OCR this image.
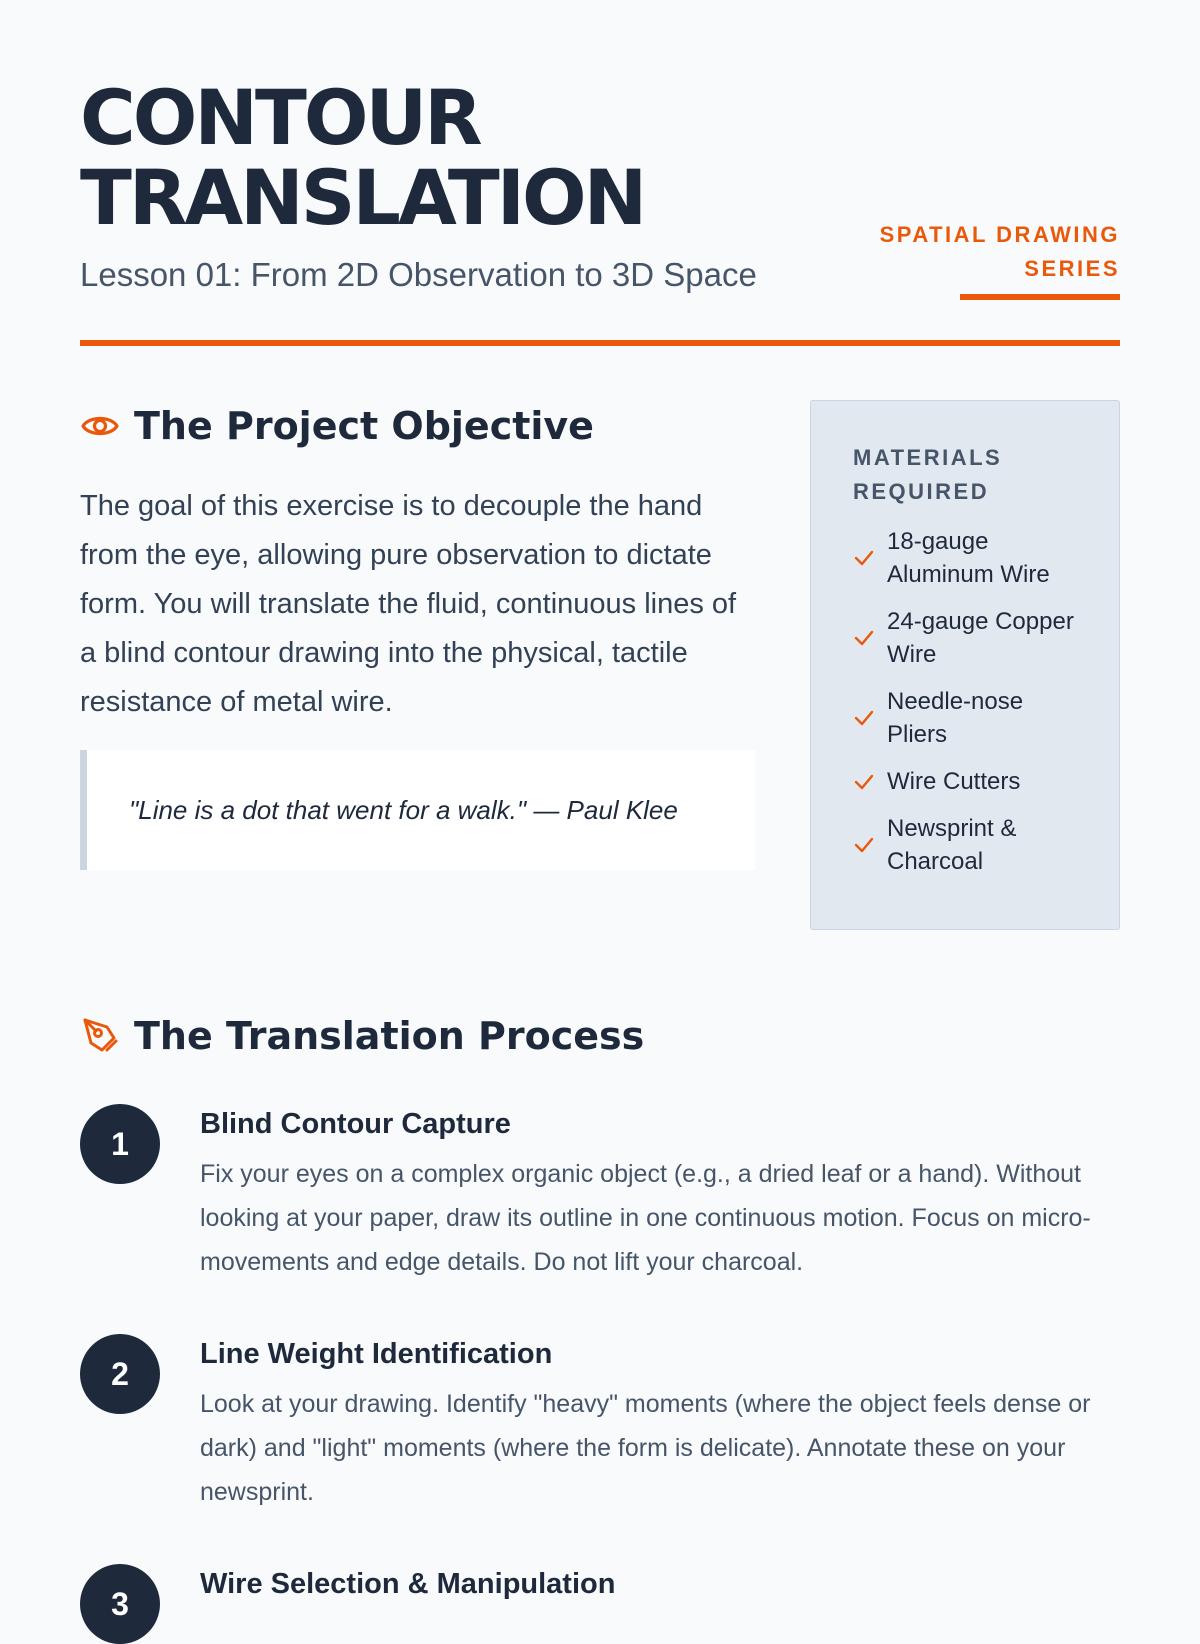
CONTOUR
TRANSLATION
Lesson 01: From 2D Observation to 3D Space
SPATIAL DRAWING
SERIES
The Project Objective

The goal of this exercise is to decouple the hand from the eye, allowing pure observation to dictate form. You will translate the fluid, continuous lines of a blind contour drawing into the physical, tactile resistance of metal wire.

"Line is a dot that went for a walk." — Paul Klee
MATERIALS
REQUIRED
18-gauge Aluminum Wire
24-gauge Copper Wire
Needle-nose Pliers
Wire Cutters
Newsprint & Charcoal
The Translation Process
1
Blind Contour Capture

Fix your eyes on a complex organic object (e.g., a dried leaf or a hand). Without looking at your paper, draw its outline in one continuous motion. Focus on micro-movements and edge details. Do not lift your charcoal.

2
Line Weight Identification

Look at your drawing. Identify "heavy" moments (where the object feels dense or dark) and "light" moments (where the form is delicate). Annotate these on your newsprint.

3
Wire Selection & Manipulation
